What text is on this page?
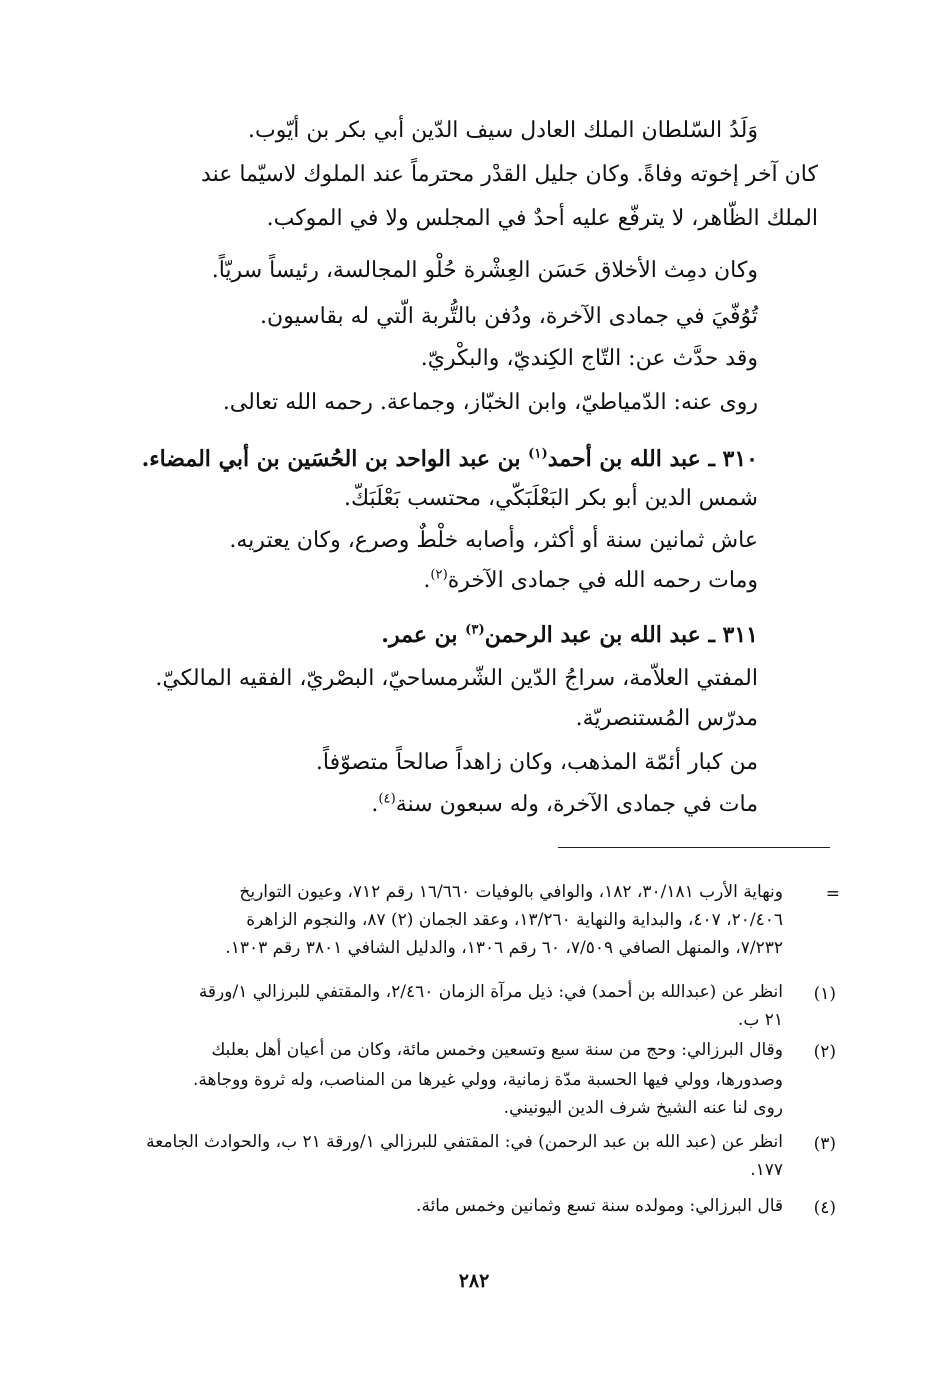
وَلَدُ السّلطان الملك العادل سيف الدّين أبي بكر بن أيّوب.
كان آخر إخوته وفاةً. وكان جليل القدْر محترماً عند الملوك لاسيّما عند
الملك الظّاهر، لا يترفّع عليه أحدٌ في المجلس ولا في الموكب.
وكان دمِث الأخلاق حَسَن العِشْرة حُلْو المجالسة، رئيساً سريّاً.
تُوُفّيَ في جمادى الآخرة، ودُفن بالتُّربة الّتي له بقاسيون.
وقد حدَّث عن: التّاج الكِنديّ، والبكْريّ.
روى عنه: الدّمياطيّ، وابن الخبّاز، وجماعة. رحمه الله تعالى.
٣١٠ ـ عبد الله بن أحمد$^{(١)}$ بن عبد الواحد بن الحُسَين بن أبي المضاء.
شمس الدين أبو بكر البَعْلَبَكّي، محتسب بَعْلَبَكّ.
عاش ثمانين سنة أو أكثر، وأصابه خلْطٌ وصرع، وكان يعتريه.
ومات رحمه الله في جمادى الآخرة$^{(٢)}$.
٣١١ ـ عبد الله بن عبد الرحمن$^{(٣)}$ بن عمر.
المفتي العلاّمة، سراجُ الدّين الشّرمساحيّ، البصْريّ، الفقيه المالكيّ.
مدرّس المُستنصريّة.
من كبار أئمّة المذهب، وكان زاهداً صالحاً متصوّفاً.
مات في جمادى الآخرة، وله سبعون سنة$^{(٤)}$.
=
ونهاية الأرب ٣٠/١٨١، ١٨٢، والوافي بالوفيات ١٦/٦٦٠ رقم ٧١٢، وعيون التواريخ
٢٠/٤٠٦، ٤٠٧، والبداية والنهاية ١٣/٢٦٠، وعقد الجمان (٢) ٨٧، والنجوم الزاهرة
٧/٢٣٢، والمنهل الصافي ٧/٥٠٩، ٦٠ رقم ١٣٠٦، والدليل الشافي ٣٨٠١ رقم ١٣٠٣.
(١)
انظر عن (عبدالله بن أحمد) في: ذيل مرآة الزمان ٢/٤٦٠، والمقتفي للبرزالي ١/ورقة
٢١ ب.
(٢)
وقال البرزالي: وحج من سنة سبع وتسعين وخمس مائة، وكان من أعيان أهل بعلبك
وصدورها، وولي فيها الحسبة مدّة زمانية، وولي غيرها من المناصب، وله ثروة ووجاهة.
روى لنا عنه الشيخ شرف الدين اليونيني.
(٣)
انظر عن (عبد الله بن عبد الرحمن) في: المقتفي للبرزالي ١/ورقة ٢١ ب، والحوادث الجامعة
١٧٧.
(٤)
قال البرزالي: ومولده سنة تسع وثمانين وخمس مائة.
٢٨٢
